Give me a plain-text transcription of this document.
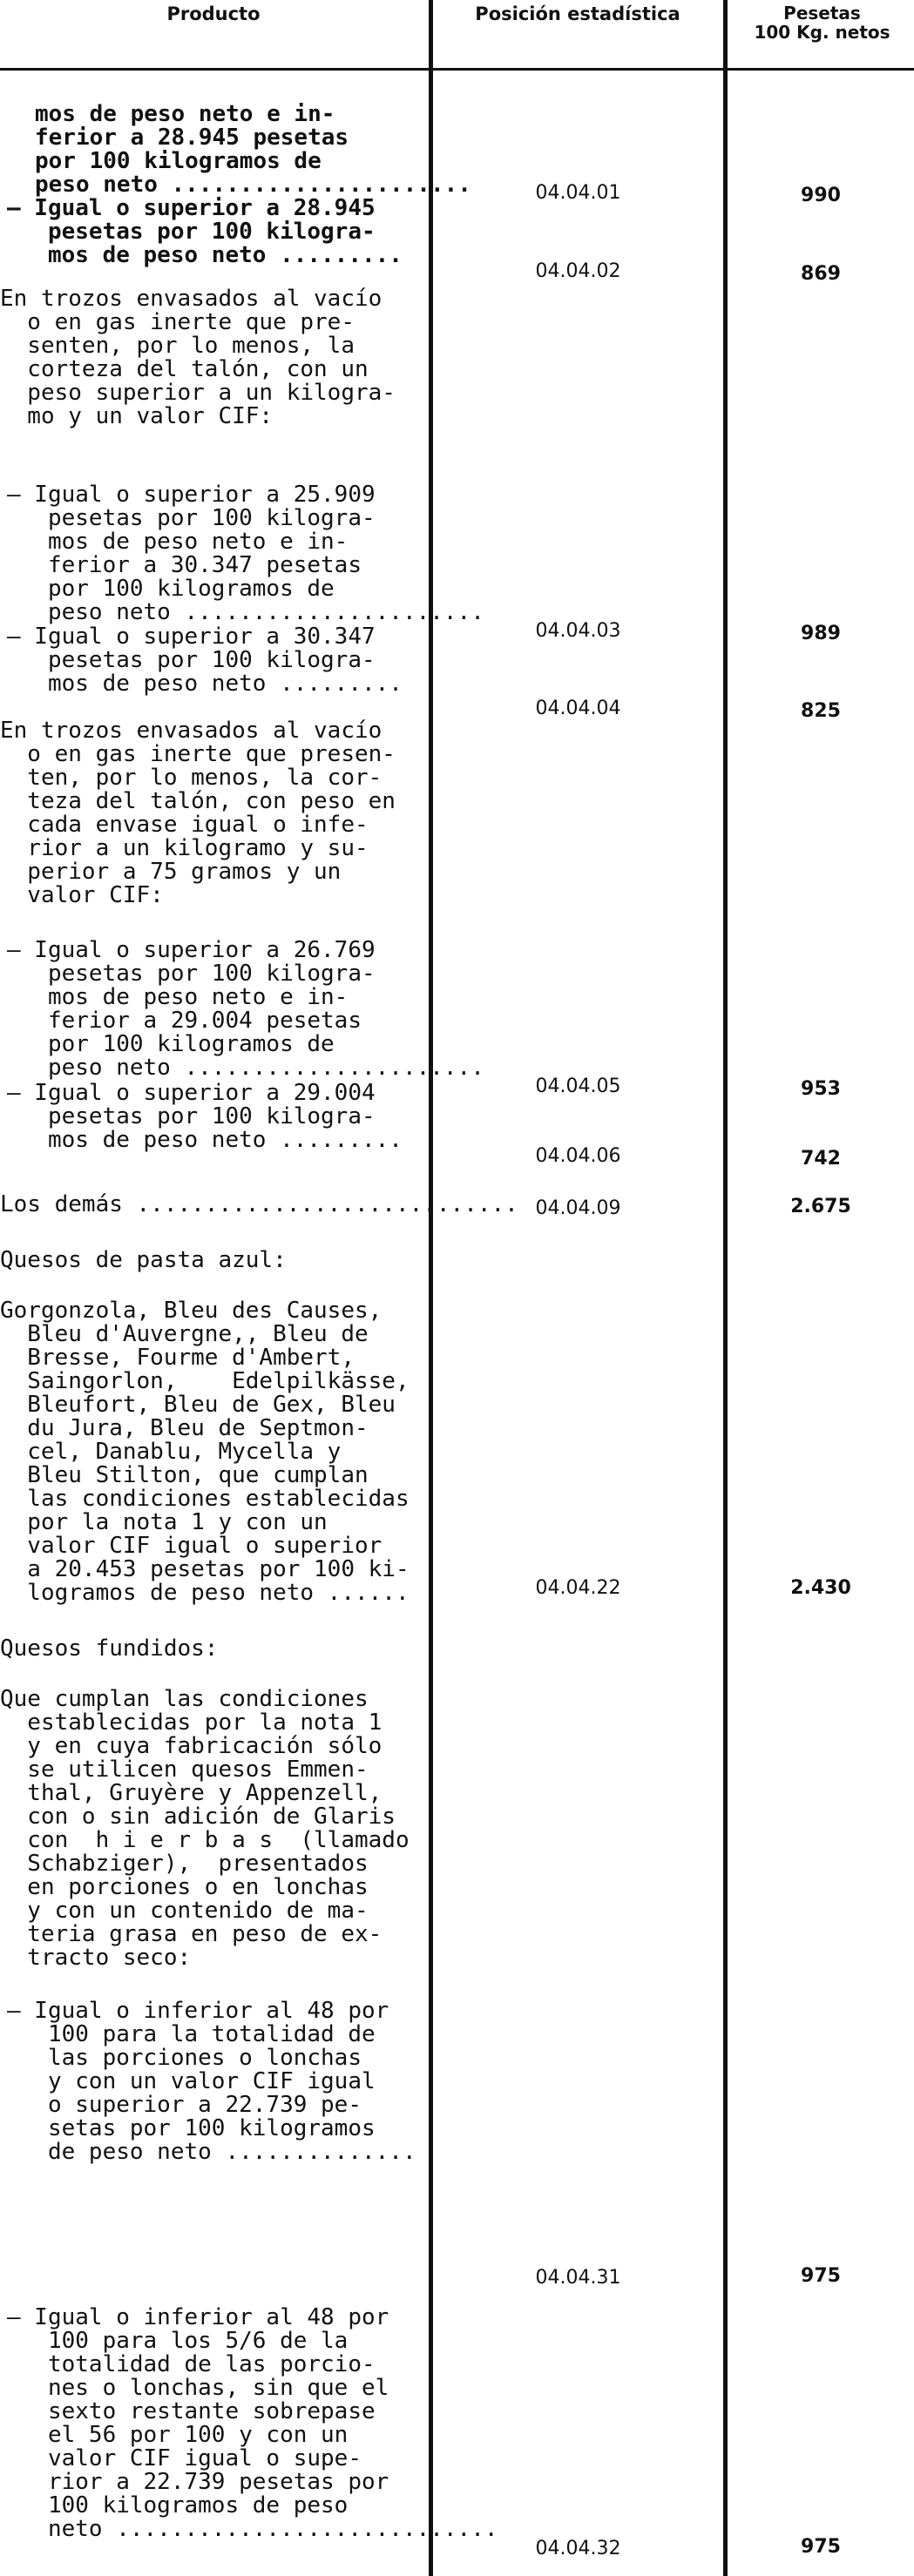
Producto	Posición estadística	Pesetas
100 Kg. netos
mos de peso neto e in-
ferior a 28.945 pesetas
por 100 kilogramos de
peso neto ......................
— Igual o superior a 28.945
pesetas por 100 kilogra-
mos de peso neto .........
En trozos envasados al vacío
o en gas inerte que pre-
senten, por lo menos, la
corteza del talón, con un
peso superior a un kilogra-
mo y un valor CIF:
— Igual o superior a 25.909
pesetas por 100 kilogra-
mos de peso neto e in-
ferior a 30.347 pesetas
por 100 kilogramos de
peso neto ......................
— Igual o superior a 30.347
pesetas por 100 kilogra-
mos de peso neto .........
En trozos envasados al vacío
o en gas inerte que presen-
ten, por lo menos, la cor-
teza del talón, con peso en
cada envase igual o infe-
rior a un kilogramo y su-
perior a 75 gramos y un
valor CIF:
— Igual o superior a 26.769
pesetas por 100 kilogra-
mos de peso neto e in-
ferior a 29.004 pesetas
por 100 kilogramos de
peso neto ......................
— Igual o superior a 29.004
pesetas por 100 kilogra-
mos de peso neto .........
Los demás ............................
Quesos de pasta azul:
Gorgonzola, Bleu des Causes,
Bleu d'Auvergne,, Bleu de
Bresse, Fourme d'Ambert,
Saingorlon,    Edelpilkässe,
Bleufort, Bleu de Gex, Bleu
du Jura, Bleu de Septmon-
cel, Danablu, Mycella y
Bleu Stilton, que cumplan
las condiciones establecidas
por la nota 1 y con un
valor CIF igual o superior
a 20.453 pesetas por 100 ki-
logramos de peso neto ......
Quesos fundidos:
Que cumplan las condiciones
establecidas por la nota 1
y en cuya fabricación sólo
se utilicen quesos Emmen-
thal, Gruyère y Appenzell,
con o sin adición de Glaris
con  h i e r b a s  (llamado
Schabziger),  presentados
en porciones o en lonchas
y con un contenido de ma-
teria grasa en peso de ex-
tracto seco:
— Igual o inferior al 48 por
100 para la totalidad de
las porciones o lonchas
y con un valor CIF igual
o superior a 22.739 pe-
setas por 100 kilogramos
de peso neto ..............
— Igual o inferior al 48 por
100 para los 5/6 de la
totalidad de las porcio-
nes o lonchas, sin que el
sexto restante sobrepase
el 56 por 100 y con un
valor CIF igual o supe-
rior a 22.739 pesetas por
100 kilogramos de peso
neto ............................
04.04.01
04.04.02
04.04.03
04.04.04
04.04.05
04.04.06
04.04.09
04.04.22
04.04.31
04.04.32
990
869
989
825
953
742
2.675
2.430
975
975
